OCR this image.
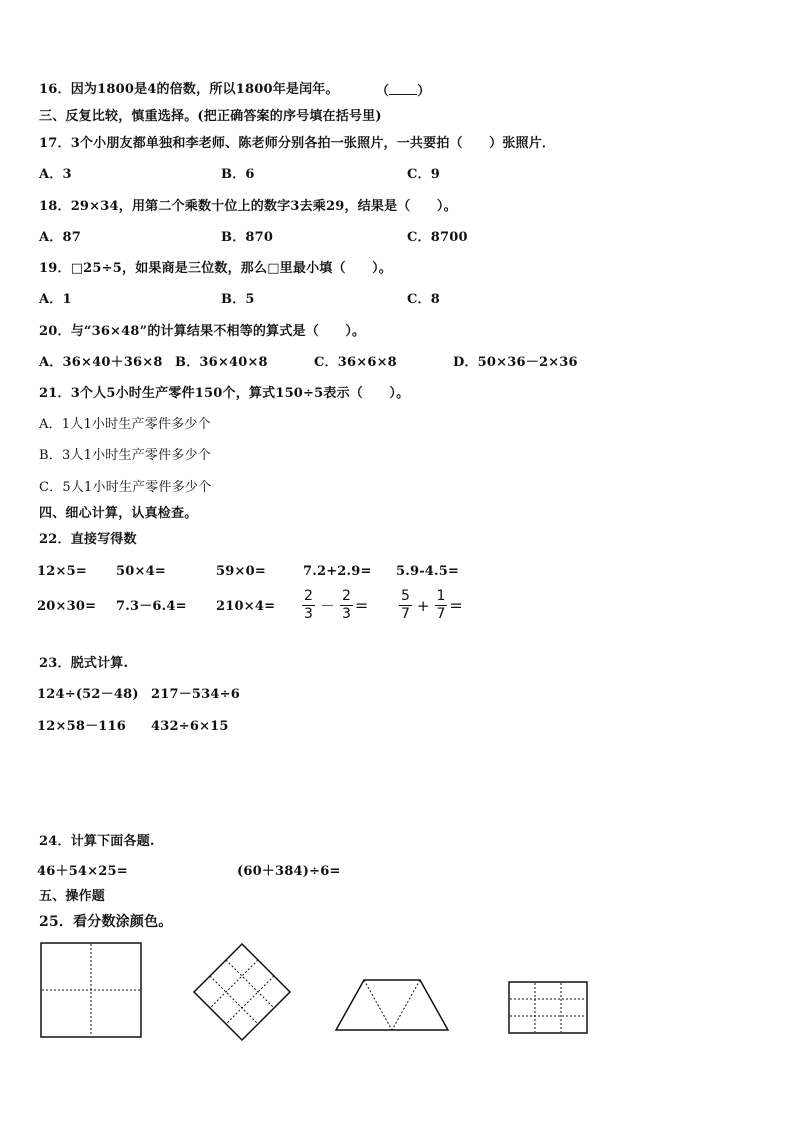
16．因为1800是4的倍数，所以1800年是闰年。	（ ）
三、反复比较，慎重选择。(把正确答案的序号填在括号里)
17．3个小朋友都单独和李老师、陈老师分别各拍一张照片，一共要拍（　　）张照片．
A．3	B．6	C．9
18．29×34，用第二个乘数十位上的数字3去乘29，结果是（　　）。
A．87	B．870	C．8700
19．□25÷5，如果商是三位数，那么□里最小填（　　）。
A．1	B．5	C．8
20．与“36×48”的计算结果不相等的算式是（　　）。
A．36×40＋36×8 B．36×40×8	C．36×6×8	D．50×36－2×36
21．3个人5小时生产零件150个，算式150÷5表示（　　）。
A．1人1小时生产零件多少个
B．3人1小时生产零件多少个
C．5人1小时生产零件多少个
四、细心计算，认真检查。
22．直接写得数
12×5= 50×4=	59×0=	7.2+2.9= 5.9-4.5=
$20\times 30= 7.3-6.4= 210\times 4= \frac{2}{3} - \frac{2}{3} = \frac{5}{7} + \frac{1}{7}$ =
23．脱式计算.
124÷(52－48) 217－534÷6
12×58－116 432÷6×15
24．计算下面各题.
46＋54×25=	(60＋384)÷6=
五、操作题
25．看分数涂颜色。
